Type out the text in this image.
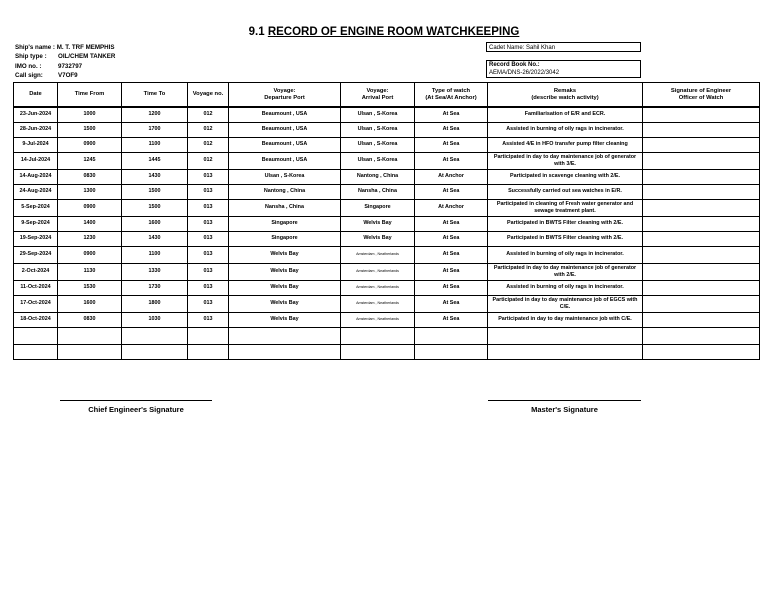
9.1 RECORD OF ENGINE ROOM WATCHKEEPING
Ship's name :
M. T. TRF MEMPHIS
Ship type :	OIL/CHEM TANKER
IMO no. :	9732797
Call sign:	V7OF9
Cadet Name: Sahil Khan
Record Book No.:
AEMA/DNS-26/2022/3042
Date	Time From	Time To	Voyage no.	Voyage:
Departure Port	Voyage:
Arrival Port	Type of watch
(At Sea/At Anchor)	Remaks
(describe watch activity)	Signature of Engineer
Officer of Watch
23-Jun-2024	1000	1200	012	Beaumount , USA	Ulsan , S-Korea	At Sea	Familiarisation of E/R and ECR.	
28-Jun-2024	1500	1700	012	Beaumount , USA	Ulsan , S-Korea	At Sea	Assisted in burning of oily rags in incinerator.	
9-Jul-2024	0900	1100	012	Beaumount , USA	Ulsan , S-Korea	At Sea	Assisted 4/E in HFO transfer pump filter cleaning	
14-Jul-2024	1245	1445	012	Beaumount , USA	Ulsan , S-Korea	At Sea	Participated in day to day maintenance job of generator with 3/E.	
14-Aug-2024	0830	1430	013	Ulsan , S-Korea	Nantong , China	At Anchor	Participated in scavenge cleaning with 2/E.	
24-Aug-2024	1300	1500	013	Nantong , China	Nansha , China	At Sea	Successfully carried out sea watches in E/R.	
5-Sep-2024	0900	1500	013	Nansha , China	Singapore	At Anchor	Participated in cleaning of Fresh water generator and sewage treatment plant.	
9-Sep-2024	1400	1600	013	Singapore	Welvis Bay	At Sea	Participated in BWTS Filter cleaning with 2/E.	
19-Sep-2024	1230	1430	013	Singapore	Welvis Bay	At Sea	Participated in BWTS Filter cleaning with 2/E.	
29-Sep-2024	0900	1100	013	Welvis Bay	Amsterdam , Neatherlands	At Sea	Assisted in burning of oily rags in incinerator.	
2-Oct-2024	1130	1330	013	Welvis Bay	Amsterdam , Neatherlands	At Sea	Participated in day to day maintenance job of generator with 2/E.	
11-Oct-2024	1530	1730	013	Welvis Bay	Amsterdam , Neatherlands	At Sea	Assisted in burning of oily rags in incinerator.	
17-Oct-2024	1600	1800	013	Welvis Bay	Amsterdam , Neatherlands	At Sea	Participated in day to day maintenance job of EGCS with C/E.	
18-Oct-2024	0830	1030	013	Welvis Bay	Amsterdam , Neatherlands	At Sea	Participated in day to day maintenance job with C/E.	

Chief Engineer's Signature	Master's Signature
